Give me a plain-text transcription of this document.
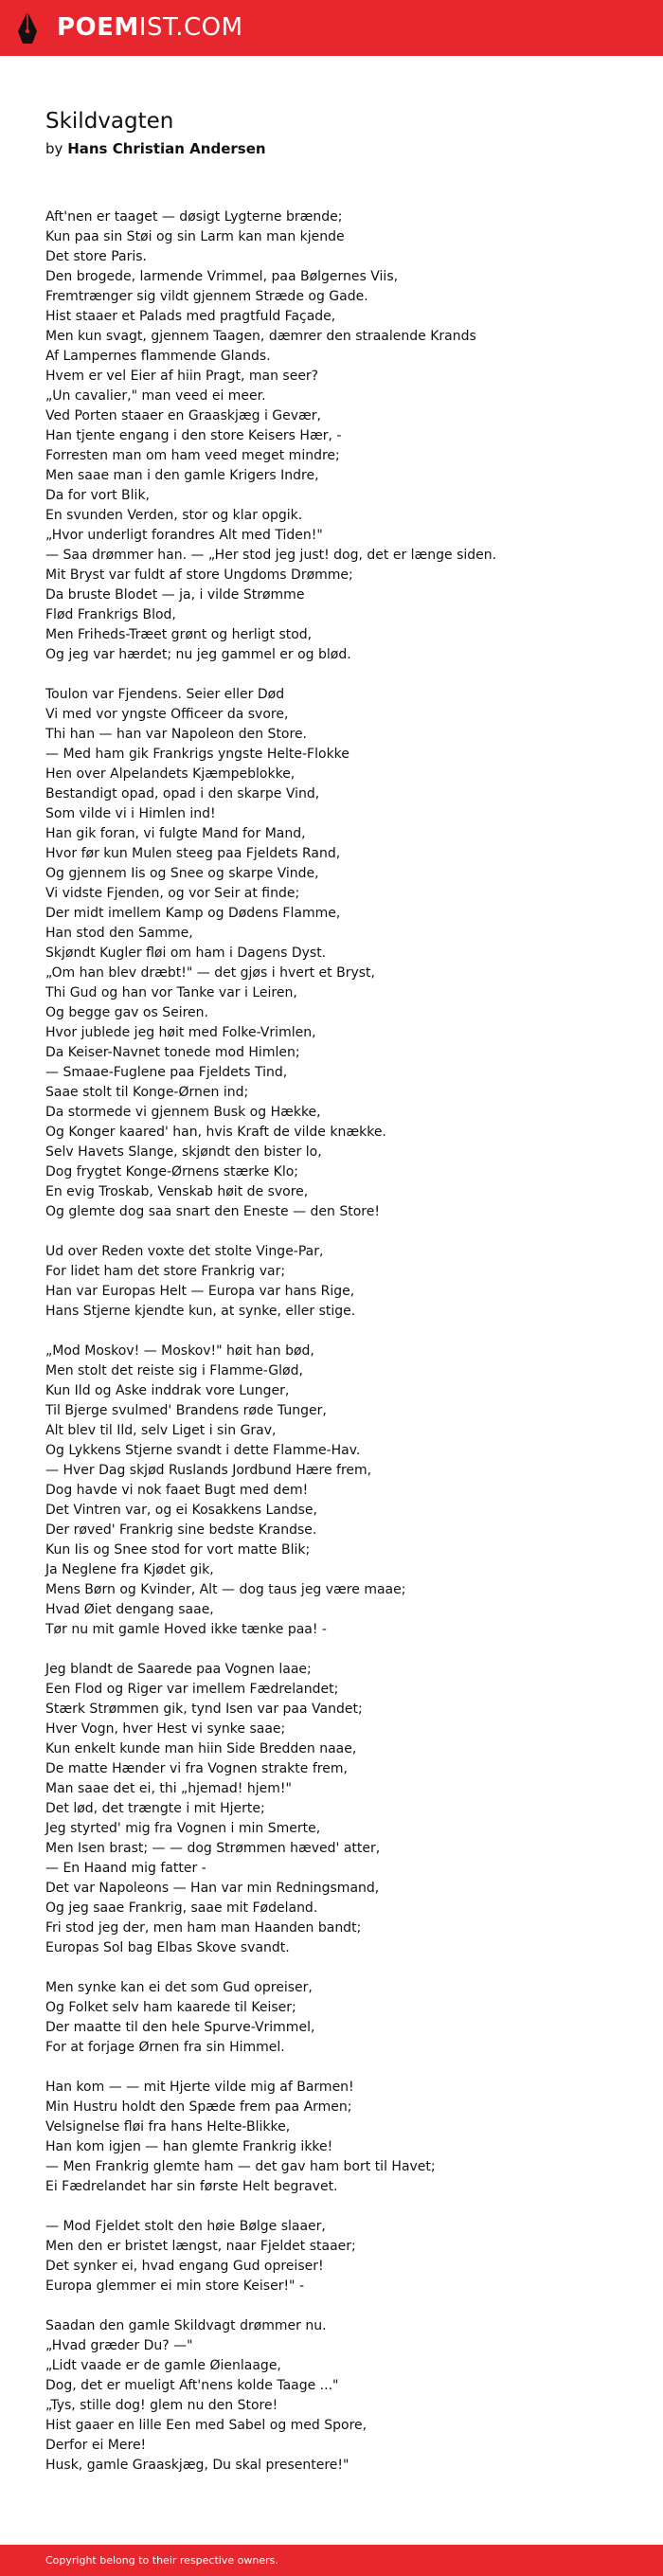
POEMIST.COM
Skildvagten
by Hans Christian Andersen
Aft'nen er taaget — døsigt Lygterne brænde;
Kun paa sin Støi og sin Larm kan man kjende
Det store Paris.
Den brogede, larmende Vrimmel, paa Bølgernes Viis,
Fremtrænger sig vildt gjennem Stræde og Gade.
Hist staaer et Palads med pragtfuld Façade,
Men kun svagt, gjennem Taagen, dæmrer den straalende Krands
Af Lampernes flammende Glands.
Hvem er vel Eier af hiin Pragt, man seer?
„Un cavalier," man veed ei meer.
Ved Porten staaer en Graaskjæg i Gevær,
Han tjente engang i den store Keisers Hær, -
Forresten man om ham veed meget mindre;
Men saae man i den gamle Krigers Indre,
Da for vort Blik,
En svunden Verden, stor og klar opgik.
„Hvor underligt forandres Alt med Tiden!"
— Saa drømmer han. — „Her stod jeg just! dog, det er længe siden.
Mit Bryst var fuldt af store Ungdoms Drømme;
Da bruste Blodet — ja, i vilde Strømme
Flød Frankrigs Blod,
Men Friheds-Træet grønt og herligt stod,
Og jeg var hærdet; nu jeg gammel er og blød.
Toulon var Fjendens. Seier eller Død
Vi med vor yngste Officeer da svore,
Thi han — han var Napoleon den Store.
— Med ham gik Frankrigs yngste Helte-Flokke
Hen over Alpelandets Kjæmpeblokke,
Bestandigt opad, opad i den skarpe Vind,
Som vilde vi i Himlen ind!
Han gik foran, vi fulgte Mand for Mand,
Hvor før kun Mulen steeg paa Fjeldets Rand,
Og gjennem Iis og Snee og skarpe Vinde,
Vi vidste Fjenden, og vor Seir at finde;
Der midt imellem Kamp og Dødens Flamme,
Han stod den Samme,
Skjøndt Kugler fløi om ham i Dagens Dyst.
„Om han blev dræbt!" — det gjøs i hvert et Bryst,
Thi Gud og han vor Tanke var i Leiren,
Og begge gav os Seiren.
Hvor jublede jeg høit med Folke-Vrimlen,
Da Keiser-Navnet tonede mod Himlen;
— Smaae-Fuglene paa Fjeldets Tind,
Saae stolt til Konge-Ørnen ind;
Da stormede vi gjennem Busk og Hække,
Og Konger kaared' han, hvis Kraft de vilde knække.
Selv Havets Slange, skjøndt den bister lo,
Dog frygtet Konge-Ørnens stærke Klo;
En evig Troskab, Venskab høit de svore,
Og glemte dog saa snart den Eneste — den Store!
Ud over Reden voxte det stolte Vinge-Par,
For lidet ham det store Frankrig var;
Han var Europas Helt — Europa var hans Rige,
Hans Stjerne kjendte kun, at synke, eller stige.
„Mod Moskov! — Moskov!" høit han bød,
Men stolt det reiste sig i Flamme-Glød,
Kun Ild og Aske inddrak vore Lunger,
Til Bjerge svulmed' Brandens røde Tunger,
Alt blev til Ild, selv Liget i sin Grav,
Og Lykkens Stjerne svandt i dette Flamme-Hav.
— Hver Dag skjød Ruslands Jordbund Hære frem,
Dog havde vi nok faaet Bugt med dem!
Det Vintren var, og ei Kosakkens Landse,
Der røved' Frankrig sine bedste Krandse.
Kun Iis og Snee stod for vort matte Blik;
Ja Neglene fra Kjødet gik,
Mens Børn og Kvinder, Alt — dog taus jeg være maae;
Hvad Øiet dengang saae,
Tør nu mit gamle Hoved ikke tænke paa! -
Jeg blandt de Saarede paa Vognen laae;
Een Flod og Riger var imellem Fædrelandet;
Stærk Strømmen gik, tynd Isen var paa Vandet;
Hver Vogn, hver Hest vi synke saae;
Kun enkelt kunde man hiin Side Bredden naae,
De matte Hænder vi fra Vognen strakte frem,
Man saae det ei, thi „hjemad! hjem!"
Det lød, det trængte i mit Hjerte;
Jeg styrted' mig fra Vognen i min Smerte,
Men Isen brast; — — dog Strømmen hæved' atter,
— En Haand mig fatter -
Det var Napoleons — Han var min Redningsmand,
Og jeg saae Frankrig, saae mit Fødeland.
Fri stod jeg der, men ham man Haanden bandt;
Europas Sol bag Elbas Skove svandt.
Men synke kan ei det som Gud opreiser,
Og Folket selv ham kaarede til Keiser;
Der maatte til den hele Spurve-Vrimmel,
For at forjage Ørnen fra sin Himmel.
Han kom — — mit Hjerte vilde mig af Barmen!
Min Hustru holdt den Spæde frem paa Armen;
Velsignelse fløi fra hans Helte-Blikke,
Han kom igjen — han glemte Frankrig ikke!
— Men Frankrig glemte ham — det gav ham bort til Havet;
Ei Fædrelandet har sin første Helt begravet.
— Mod Fjeldet stolt den høie Bølge slaaer,
Men den er bristet længst, naar Fjeldet staaer;
Det synker ei, hvad engang Gud opreiser!
Europa glemmer ei min store Keiser!" -
Saadan den gamle Skildvagt drømmer nu.
„Hvad græder Du? —"
„Lidt vaade er de gamle Øienlaage,
Dog, det er mueligt Aft'nens kolde Taage ..."
„Tys, stille dog! glem nu den Store!
Hist gaaer en lille Een med Sabel og med Spore,
Derfor ei Mere!
Husk, gamle Graaskjæg, Du skal presentere!"
Copyright belong to their respective owners.
